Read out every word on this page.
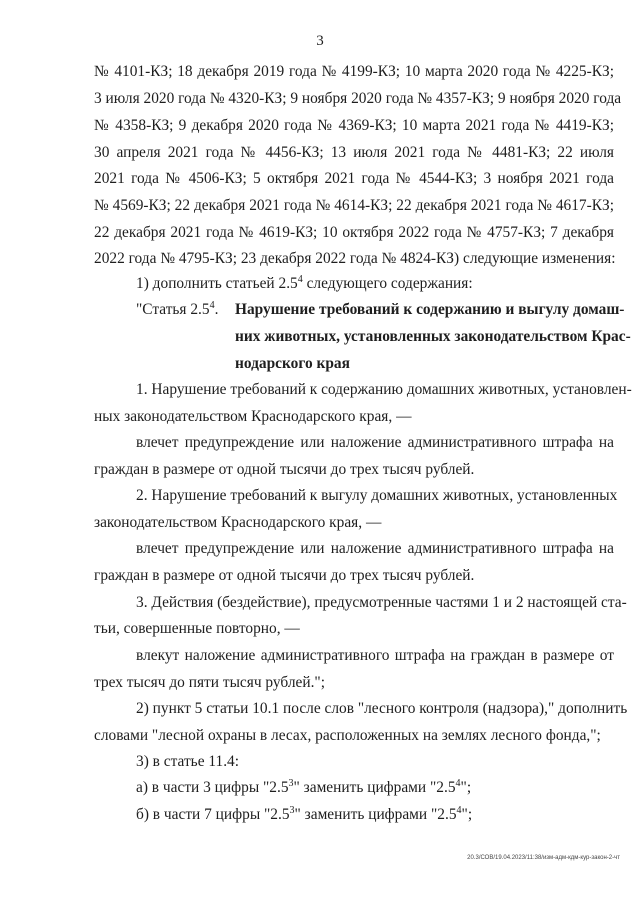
3
№ 4101-КЗ; 18 декабря 2019 года № 4199-КЗ; 10 марта 2020 года № 4225-КЗ;
3 июля 2020 года № 4320-КЗ; 9 ноября 2020 года № 4357-КЗ; 9 ноября 2020 года
№ 4358-КЗ; 9 декабря 2020 года № 4369-КЗ; 10 марта 2021 года № 4419-КЗ;
30 апреля 2021 года № 4456-КЗ; 13 июля 2021 года № 4481-КЗ; 22 июля
2021 года № 4506-КЗ; 5 октября 2021 года № 4544-КЗ; 3 ноября 2021 года
№ 4569-КЗ; 22 декабря 2021 года № 4614-КЗ; 22 декабря 2021 года № 4617-КЗ;
22 декабря 2021 года № 4619-КЗ; 10 октября 2022 года № 4757-КЗ; 7 декабря
2022 года № 4795-КЗ; 23 декабря 2022 года № 4824-КЗ) следующие изменения:
1) дополнить статьей $2.5^4$ следующего содержания:
"Статья $2.5^4$. Нарушение требований к содержанию и выгулу домаш-
них животных, установленных законодательством Крас-
нодарского края
1. Нарушение требований к содержанию домашних животных, установлен-
ных законодательством Краснодарского края, —
влечет предупреждение или наложение административного штрафа на
граждан в размере от одной тысячи до трех тысяч рублей.
2. Нарушение требований к выгулу домашних животных, установленных
законодательством Краснодарского края, —
влечет предупреждение или наложение административного штрафа на
граждан в размере от одной тысячи до трех тысяч рублей.
3. Действия (бездействие), предусмотренные частями 1 и 2 настоящей ста-
тьи, совершенные повторно, —
влекут наложение административного штрафа на граждан в размере от
трех тысяч до пяти тысяч рублей.";
2) пункт 5 статьи 10.1 после слов "лесного контроля (надзора)," дополнить
словами "лесной охраны в лесах, расположенных на землях лесного фонда,";
3) в статье 11.4:
а) в части 3 цифры "$2.5^3$" заменить цифрами "$2.5^4$";
б) в части 7 цифры "$2.5^3$" заменить цифрами "$2.5^4$";
20.3/СОВ/19.04.2023/11:38/изм-адм-кдм-кур-закон-2-чт
